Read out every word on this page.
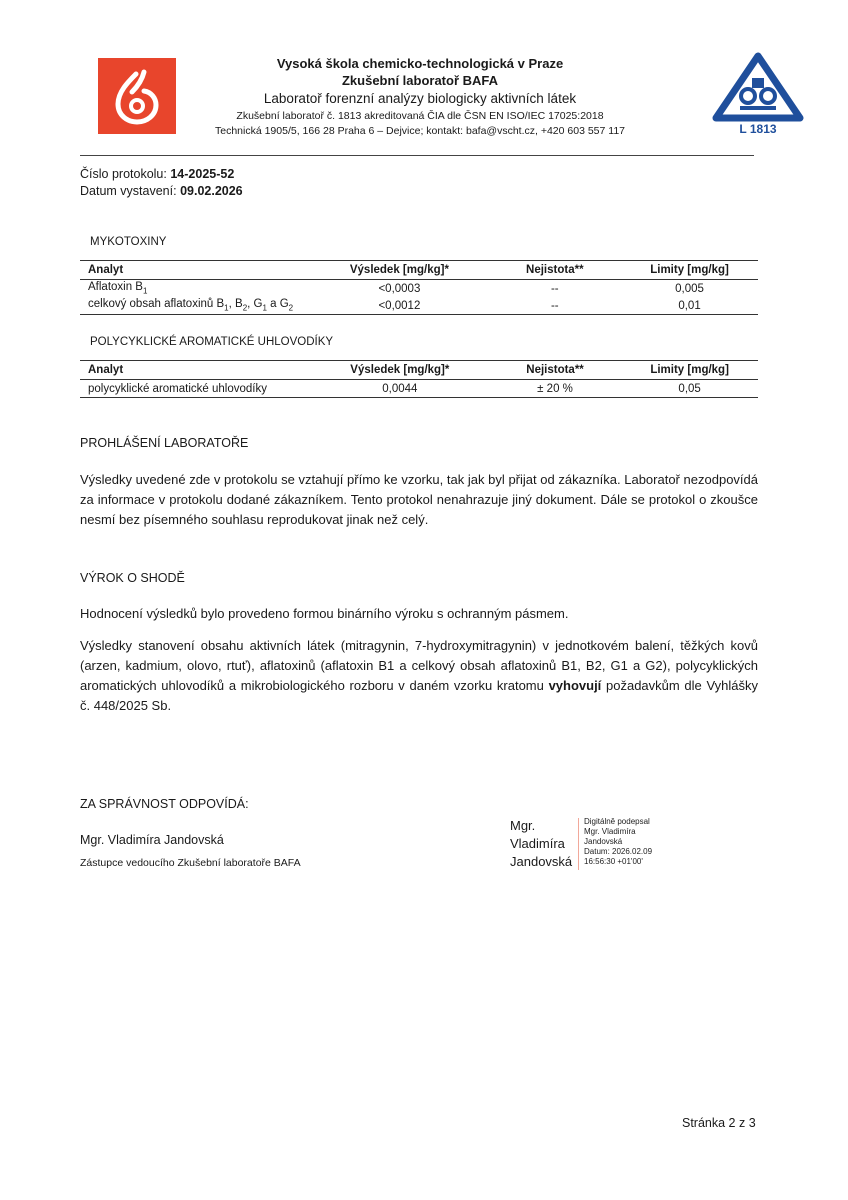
Vysoká škola chemicko-technologická v Praze
Zkušební laboratoř BAFA
Laboratoř forenzní analýzy biologicky aktivních látek
Zkušební laboratoř č. 1813 akreditovaná ČIA dle ČSN EN ISO/IEC 17025:2018
Technická 1905/5, 166 28 Praha 6 – Dejvice; kontakt: bafa@vscht.cz, +420 603 557 117	L 1813
Číslo protokolu: 14-2025-52
Datum vystavení: 09.02.2026
MYKOTOXINY
Analyt	Výsledek [mg/kg]*	Nejistota**	Limity [mg/kg]
Aflatoxin $B_1$	<0,0003	--	0,005
celkový obsah aflatoxinů $B_1$, $B_2$, $G_1$ a $G_2$	<0,0012	--	0,01
POLYCYKLICKÉ AROMATICKÉ UHLOVODÍKY
Analyt	Výsledek [mg/kg]*	Nejistota**	Limity [mg/kg]
polycyklické aromatické uhlovodíky	0,0044	± 20 %	0,05
PROHLÁŠENÍ LABORATOŘE
Výsledky uvedené zde v protokolu se vztahují přímo ke vzorku, tak jak byl přijat od zákazníka. Laboratoř nezodpovídá za informace v protokolu dodané zákazníkem. Tento protokol nenahrazuje jiný dokument. Dále se protokol o zkoušce nesmí bez písemného souhlasu reprodukovat jinak než celý.
VÝROK O SHODĚ
Hodnocení výsledků bylo provedeno formou binárního výroku s ochranným pásmem.
Výsledky stanovení obsahu aktivních látek (mitragynin, 7-hydroxymitragynin) v jednotkovém balení, těžkých kovů (arzen, kadmium, olovo, rtuť), aflatoxinů (aflatoxin B1 a celkový obsah aflatoxinů B1, B2, G1 a G2), polycyklických aromatických uhlovodíků a mikrobiologického rozboru v daném vzorku kratomu vyhovují požadavkům dle Vyhlášky č. 448/2025 Sb.
ZA SPRÁVNOST ODPOVÍDÁ:
Mgr. Vladimíra Jandovská
Zástupce vedoucího Zkušební laboratoře BAFA
Mgr.
Vladimíra
Jandovská
Digitálně podepsal
Mgr. Vladimíra
Jandovská
Datum: 2026.02.09
16:56:30 +01'00'
Stránka 2 z 3
